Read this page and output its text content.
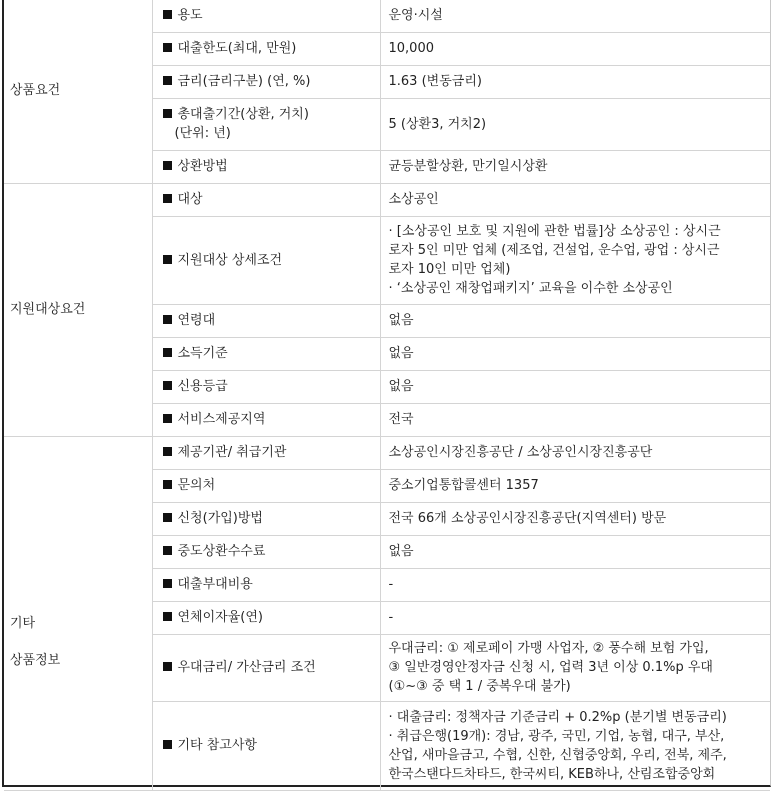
상품요건	용도	운영·시설

	대출한도(최대, 만원)	10,000

	금리(금리구분) (연, %)	1.63 (변동금리)

	총대출기간(상환, 거치)
(단위: 년)	5 (상환3, 거치2)

	상환방법	균등분할상환, 만기일시상환

지원대상요건	대상	소상공인

	지원대상 상세조건	· [소상공인 보호 및 지원에 관한 법률]상 소상공인 : 상시근
로자 5인 미만 업체 (제조업, 건설업, 운수업, 광업 : 상시근
로자 10인 미만 업체)
· ‘소상공인 재창업패키지’ 교육을 이수한 소상공인

	연령대	없음

	소득기준	없음

	신용등급	없음

	서비스제공지역	전국

기타
상품정보	제공기관/ 취급기관	소상공인시장진흥공단 / 소상공인시장진흥공단

	문의처	중소기업통합콜센터 1357

	신청(가입)방법	전국 66개 소상공인시장진흥공단(지역센터) 방문

	중도상환수수료	없음

	대출부대비용	-

	연체이자율(연)	-

	우대금리/ 가산금리 조건	우대금리: ① 제로페이 가맹 사업자, ② 풍수해 보험 가입,
③ 일반경영안정자금 신청 시, 업력 3년 이상 0.1%p 우대
(①~③ 중 택 1 / 중복우대 불가)

	기타 참고사항	· 대출금리: 정책자금 기준금리 + 0.2%p (분기별 변동금리)
· 취급은행(19개): 경남, 광주, 국민, 기업, 농협, 대구, 부산,
산업, 새마을금고, 수협, 신한, 신협중앙회, 우리, 전북, 제주,
한국스탠다드차타드, 한국씨티, KEB하나, 산림조합중앙회
